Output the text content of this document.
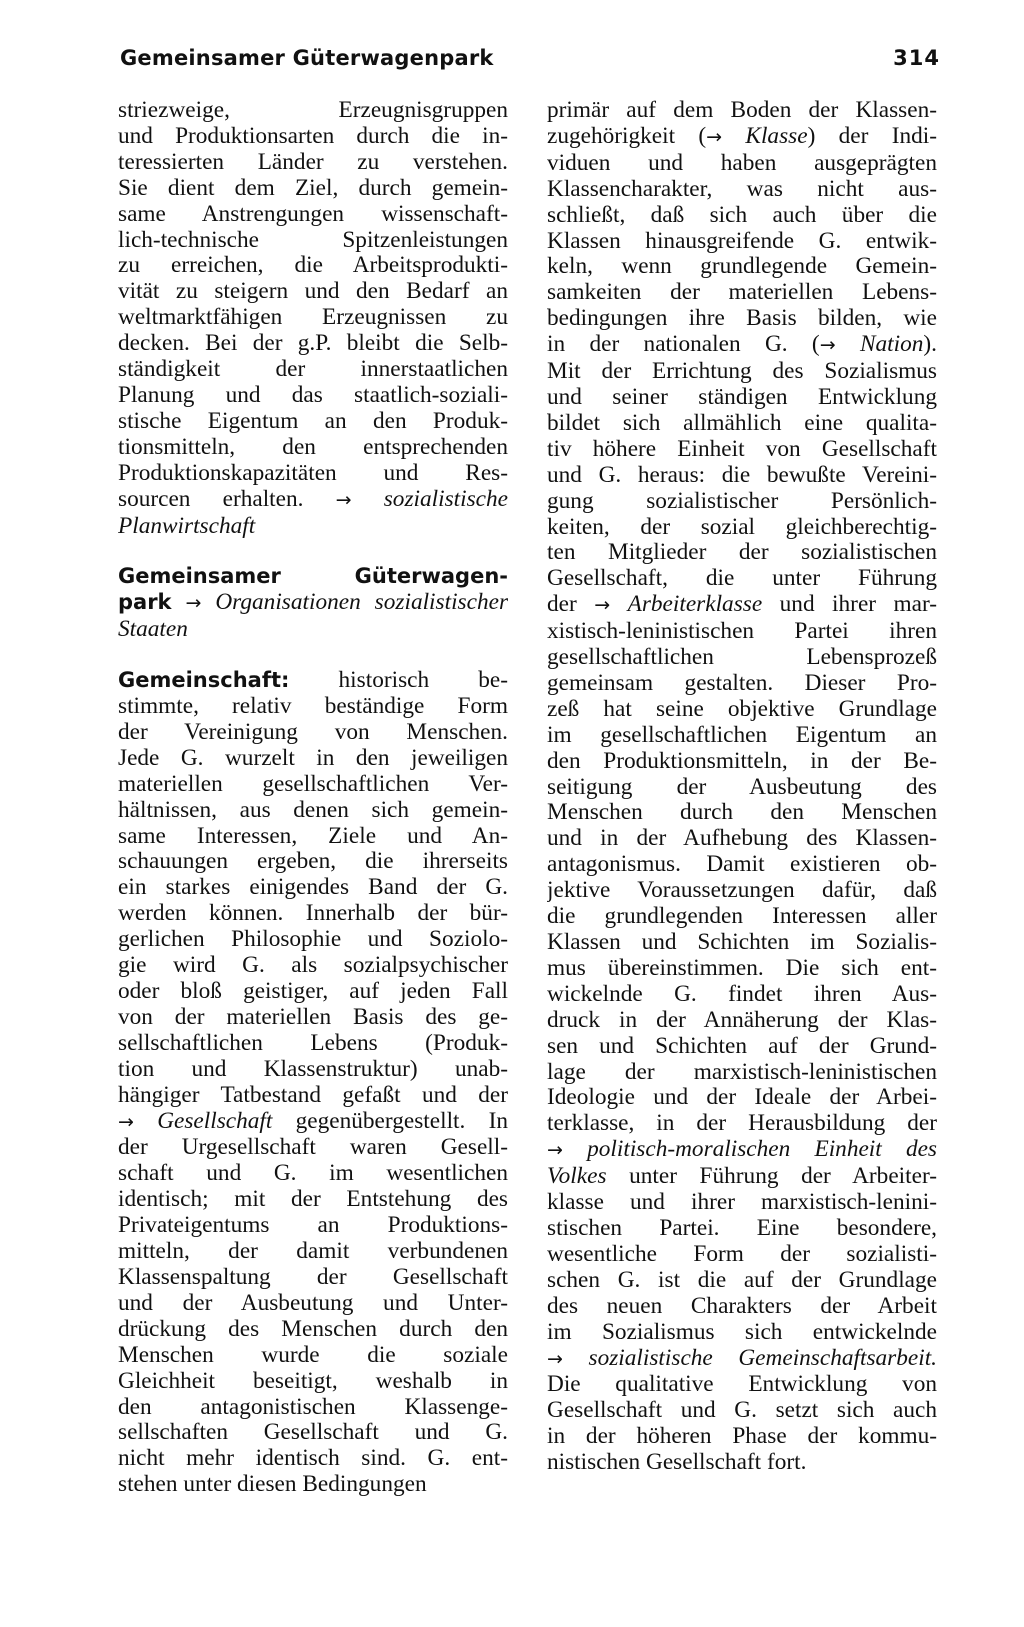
Gemeinsamer Güterwagenpark	314
striezweige, Erzeugnisgruppen
und Produktionsarten durch die in-
teressierten Länder zu verstehen.
Sie dient dem Ziel, durch gemein-
same Anstrengungen wissenschaft-
lich-technische Spitzenleistungen
zu erreichen, die Arbeitsprodukti-
vität zu steigern und den Bedarf an
weltmarktfähigen Erzeugnissen zu
decken. Bei der g.P. bleibt die Selb-
ständigkeit der innerstaatlichen
Planung und das staatlich-soziali-
stische Eigentum an den Produk-
tionsmitteln, den entsprechenden
Produktionskapazitäten und Res-
sourcen erhalten. → sozialistische
Planwirtschaft
Gemeinsamer Güterwagen-
park → Organisationen sozialistischer
Staaten
Gemeinschaft: historisch be-
stimmte, relativ beständige Form
der Vereinigung von Menschen.
Jede G. wurzelt in den jeweiligen
materiellen gesellschaftlichen Ver-
hältnissen, aus denen sich gemein-
same Interessen, Ziele und An-
schauungen ergeben, die ihrerseits
ein starkes einigendes Band der G.
werden können. Innerhalb der bür-
gerlichen Philosophie und Soziolo-
gie wird G. als sozialpsychischer
oder bloß geistiger, auf jeden Fall
von der materiellen Basis des ge-
sellschaftlichen Lebens (Produk-
tion und Klassenstruktur) unab-
hängiger Tatbestand gefaßt und der
→ Gesellschaft gegenübergestellt. In
der Urgesellschaft waren Gesell-
schaft und G. im wesentlichen
identisch; mit der Entstehung des
Privateigentums an Produktions-
mitteln, der damit verbundenen
Klassenspaltung der Gesellschaft
und der Ausbeutung und Unter-
drückung des Menschen durch den
Menschen wurde die soziale
Gleichheit beseitigt, weshalb in
den antagonistischen Klassenge-
sellschaften Gesellschaft und G.
nicht mehr identisch sind. G. ent-
stehen unter diesen Bedingungen
primär auf dem Boden der Klassen-
zugehörigkeit (→ Klasse) der Indi-
viduen und haben ausgeprägten
Klassencharakter, was nicht aus-
schließt, daß sich auch über die
Klassen hinausgreifende G. entwik-
keln, wenn grundlegende Gemein-
samkeiten der materiellen Lebens-
bedingungen ihre Basis bilden, wie
in der nationalen G. (→ Nation).
Mit der Errichtung des Sozialismus
und seiner ständigen Entwicklung
bildet sich allmählich eine qualita-
tiv höhere Einheit von Gesellschaft
und G. heraus: die bewußte Vereini-
gung sozialistischer Persönlich-
keiten, der sozial gleichberechtig-
ten Mitglieder der sozialistischen
Gesellschaft, die unter Führung
der → Arbeiterklasse und ihrer mar-
xistisch-leninistischen Partei ihren
gesellschaftlichen Lebensprozeß
gemeinsam gestalten. Dieser Pro-
zeß hat seine objektive Grundlage
im gesellschaftlichen Eigentum an
den Produktionsmitteln, in der Be-
seitigung der Ausbeutung des
Menschen durch den Menschen
und in der Aufhebung des Klassen-
antagonismus. Damit existieren ob-
jektive Voraussetzungen dafür, daß
die grundlegenden Interessen aller
Klassen und Schichten im Sozialis-
mus übereinstimmen. Die sich ent-
wickelnde G. findet ihren Aus-
druck in der Annäherung der Klas-
sen und Schichten auf der Grund-
lage der marxistisch-leninistischen
Ideologie und der Ideale der Arbei-
terklasse, in der Herausbildung der
→ politisch-moralischen Einheit des
Volkes unter Führung der Arbeiter-
klasse und ihrer marxistisch-lenini-
stischen Partei. Eine besondere,
wesentliche Form der sozialisti-
schen G. ist die auf der Grundlage
des neuen Charakters der Arbeit
im Sozialismus sich entwickelnde
→ sozialistische Gemeinschaftsarbeit.
Die qualitative Entwicklung von
Gesellschaft und G. setzt sich auch
in der höheren Phase der kommu-
nistischen Gesellschaft fort.
